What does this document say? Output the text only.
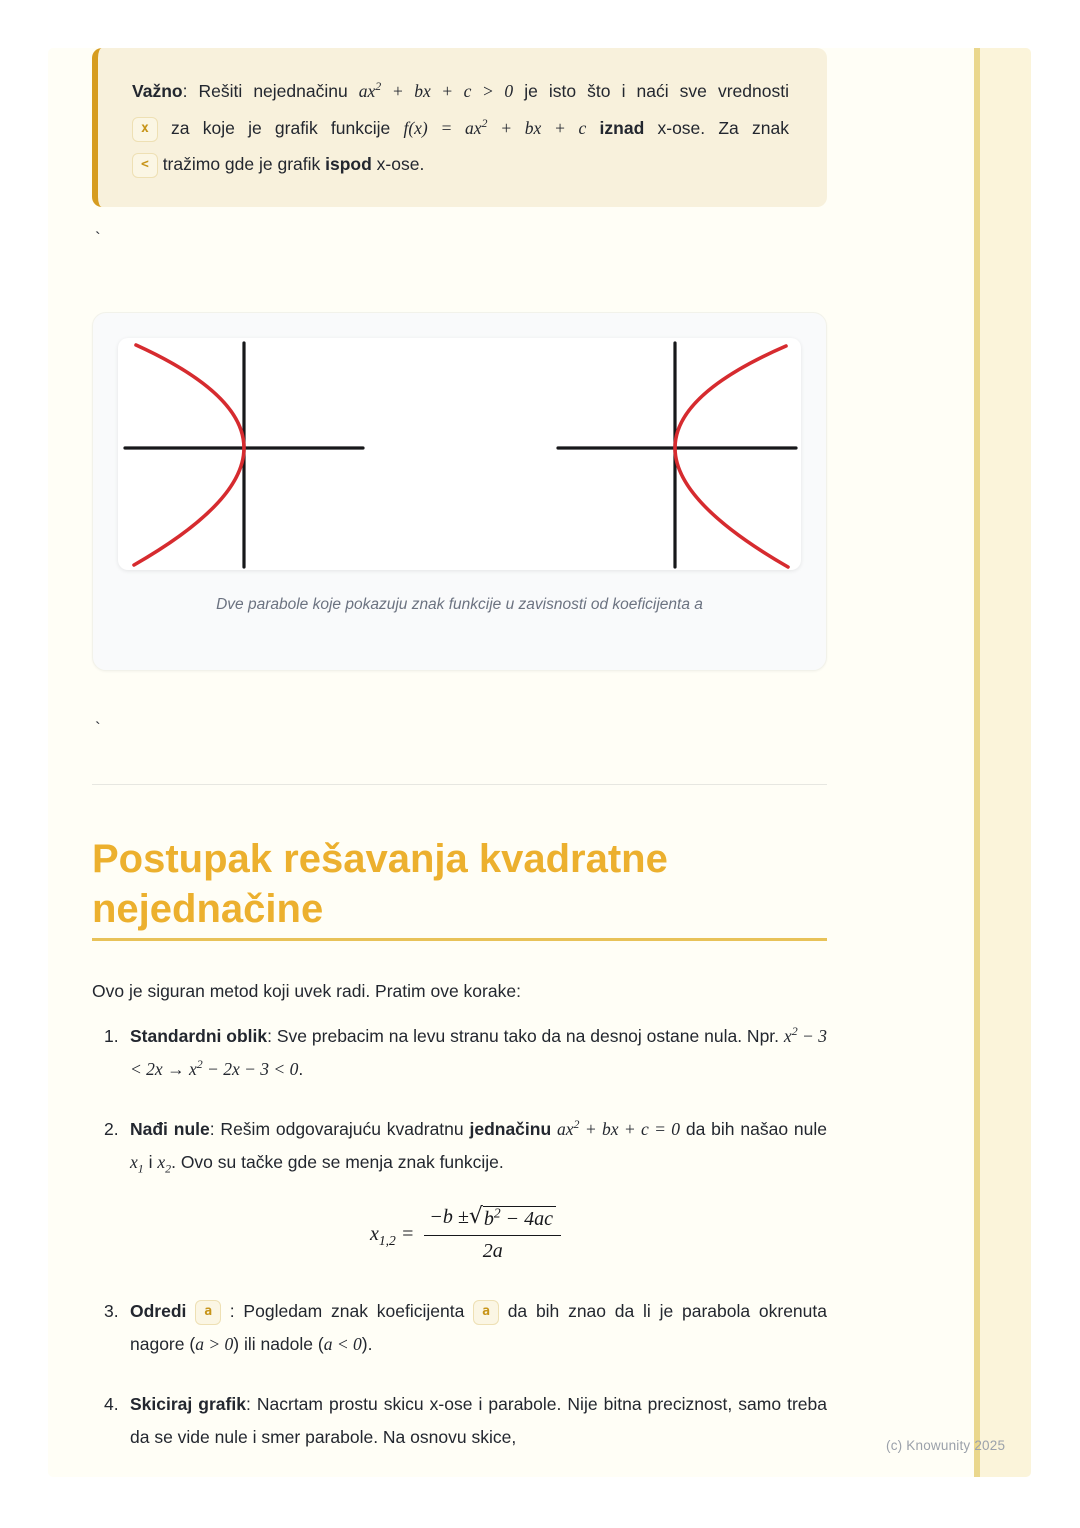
Važno: Rešiti nejednačinu $ax^2$ + bx + c > 0 je isto što i naći sve vrednosti
x za koje je grafik funkcije $f(x) = ax^2$ + bx + c iznad x-ose. Za znak
< tražimo gde je grafik ispod x-ose.
`
Dve parabole koje pokazuju znak funkcije u zavisnosti od koeficijenta a
`
Postupak rešavanja kvadratne nejednačine

Ovo je siguran metod koji uvek radi. Pratim ove korake:

1. Standardni oblik: Sve prebacim na levu stranu tako da na desnoj ostane nula. Npr. $x^2 - 3 < 2x \to x^2 - 2x - 3 < 0$.
2. Nađi nule: Rešim odgovarajuću kvadratnu jednačinu $ax^2$ + bx + c = 0 da bih našao nule $x_1$ i $x_2$. Ovo su tačke gde se menja znak funkcije.
$x_{1,2} = \frac{-b \pm √ b^2 - 4ac}{2a}$
3. Odredi a : Pogledam znak koeficijenta a da bih znao da li je parabola okrenuta nagore (a > 0) ili nadole (a < 0).
4. Skiciraj grafik: Nacrtam prostu skicu x-ose i parabole. Nije bitna preciznost, samo treba da se vide nule i smer parabole. Na osnovu skice,	(c) Knowunity 2025
